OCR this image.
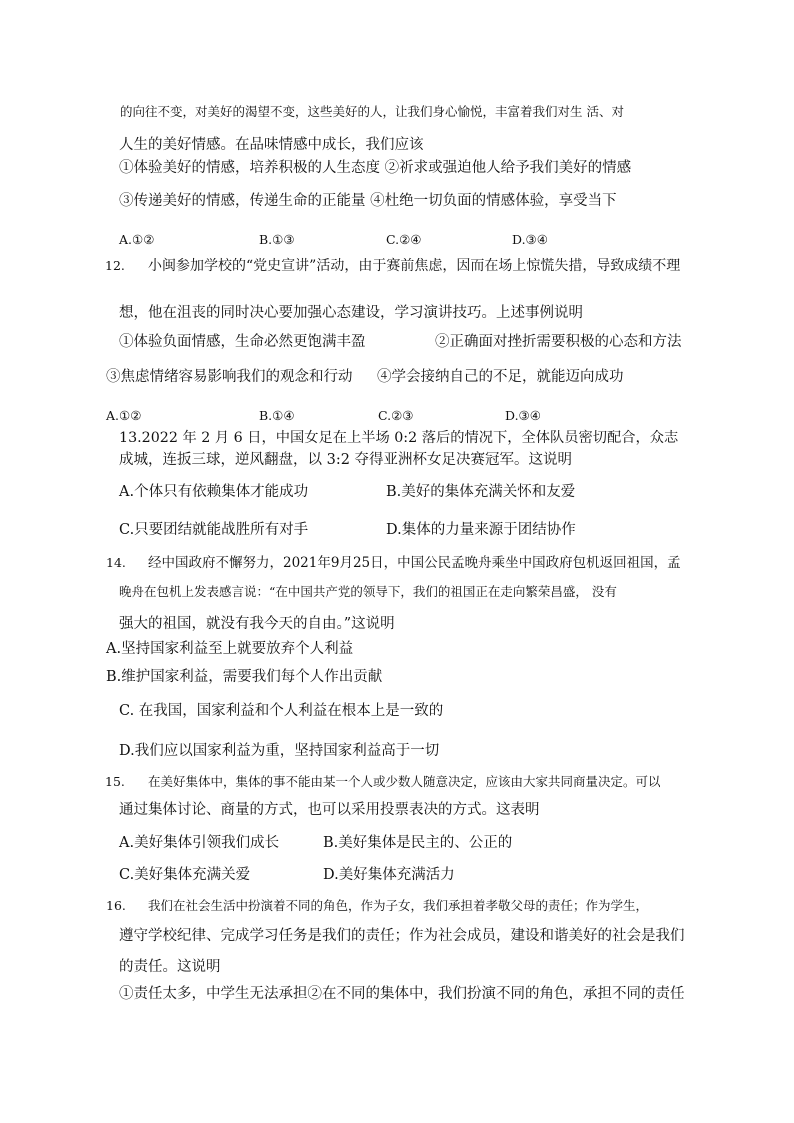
的向往不变，对美好的渴望不变，这些美好的人，让我们身心愉悦，丰富着我们对生 活、对
人生的美好情感。在品味情感中成长，我们应该
①体验美好的情感，培养积极的人生态度 ②祈求或强迫他人给予我们美好的情感
③传递美好的情感，传递生命的正能量 ④杜绝一切负面的情感体验，享受当下
A.①②	B.①③	C.②④	D.③④
12. 小闽参加学校的“党史宣讲”活动，由于赛前焦虑，因而在场上惊慌失措，导致成绩不理
想，他在沮丧的同时决心要加强心态建设，学习演讲技巧。上述事例说明
①体验负面情感，生命必然更饱满丰盈	②正确面对挫折需要积极的心态和方法
③焦虑情绪容易影响我们的观念和行动 ④学会接纳自己的不足，就能迈向成功
A.①②	B.①④	C.②③	D.③④
13.2022 年 2 月 6 日，中国女足在上半场 0:2 落后的情况下，全体队员密切配合，众志
成城，连扳三球，逆风翻盘，以 3:2 夺得亚洲杯女足决赛冠军。这说明
A.个体只有依赖集体才能成功	B.美好的集体充满关怀和友爱
C.只要团结就能战胜所有对手	D.集体的力量来源于团结协作
14. 经中国政府不懈努力，2021年9月25日，中国公民孟晚舟乘坐中国政府包机返回祖国，孟
晚舟在包机上发表感言说：“在中国共产党的领导下，我们的祖国正在走向繁荣昌盛， 没有
强大的祖国，就没有我今天的自由。”这说明
A.坚持国家利益至上就要放弃个人利益
B.维护国家利益，需要我们每个人作出贡献
C. 在我国，国家利益和个人利益在根本上是一致的
D.我们应以国家利益为重，坚持国家利益高于一切
15. 在美好集体中，集体的事不能由某一个人或少数人随意决定，应该由大家共同商量决定。可以
通过集体讨论、商量的方式，也可以采用投票表决的方式。这表明
A.美好集体引领我们成长	B.美好集体是民主的、公正的
C.美好集体充满关爱	D.美好集体充满活力
16. 我们在社会生活中扮演着不同的角色，作为子女，我们承担着孝敬父母的责任；作为学生，
遵守学校纪律、完成学习任务是我们的责任；作为社会成员，建设和谐美好的社会是我们
的责任。这说明
①责任太多，中学生无法承担②在不同的集体中，我们扮演不同的角色，承担不同的责任
